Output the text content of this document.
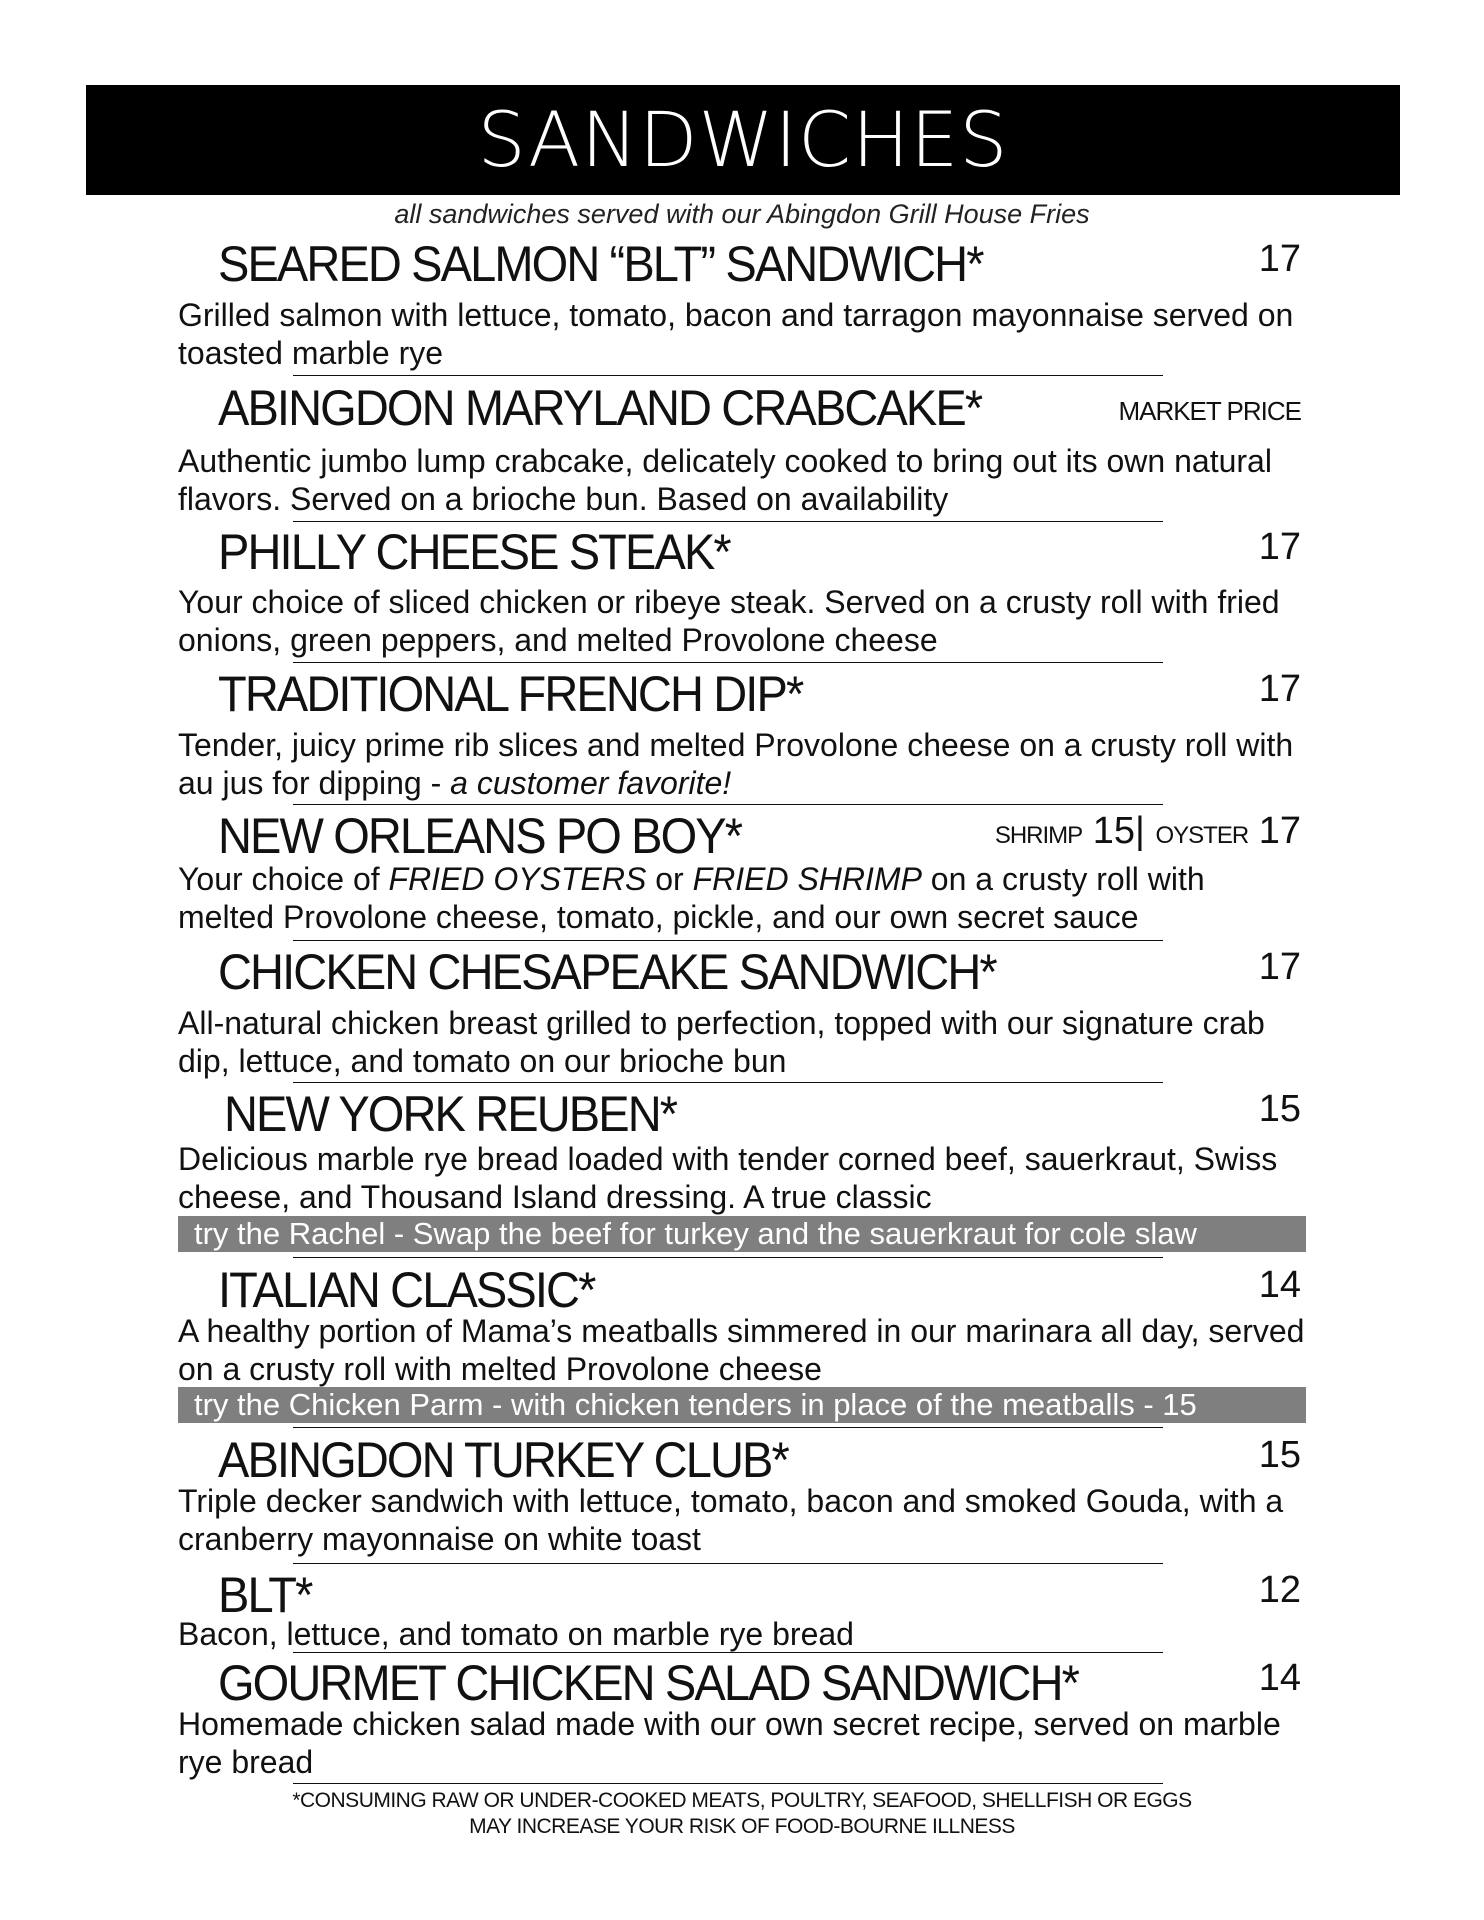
SANDWICHES
all sandwiches served with our Abingdon Grill House Fries
SEARED SALMON “BLT” SANDWICH*	17
Grilled salmon with lettuce, tomato, bacon and tarragon mayonnaise served on toasted marble rye
ABINGDON MARYLAND CRABCAKE*	MARKET PRICE
Authentic jumbo lump crabcake, delicately cooked to bring out its own natural flavors. Served on a brioche bun. Based on availability
PHILLY CHEESE STEAK*	17
Your choice of sliced chicken or ribeye steak. Served on a crusty roll with fried onions, green peppers, and melted Provolone cheese
TRADITIONAL FRENCH DIP*	17
Tender, juicy prime rib slices and melted Provolone cheese on a crusty roll with au jus for dipping - a customer favorite!
NEW ORLEANS PO BOY*	SHRIMP 15| OYSTER 17
Your choice of FRIED OYSTERS or FRIED SHRIMP on a crusty roll with melted Provolone cheese, tomato, pickle, and our own secret sauce
CHICKEN CHESAPEAKE SANDWICH*	17
All-natural chicken breast grilled to perfection, topped with our signature crab dip, lettuce, and tomato on our brioche bun
NEW YORK REUBEN*	15
Delicious marble rye bread loaded with tender corned beef, sauerkraut, Swiss cheese, and Thousand Island dressing. A true classic
try the Rachel - Swap the beef for turkey and the sauerkraut for cole slaw
ITALIAN CLASSIC*	14
A healthy portion of Mama’s meatballs simmered in our marinara all day, served on a crusty roll with melted Provolone cheese
try the Chicken Parm - with chicken tenders in place of the meatballs - 15
ABINGDON TURKEY CLUB*	15
Triple decker sandwich with lettuce, tomato, bacon and smoked Gouda, with a cranberry mayonnaise on white toast
BLT*	12
Bacon, lettuce, and tomato on marble rye bread
GOURMET CHICKEN SALAD SANDWICH*	14
Homemade chicken salad made with our own secret recipe, served on marble rye bread
*CONSUMING RAW OR UNDER-COOKED MEATS, POULTRY, SEAFOOD, SHELLFISH OR EGGS
MAY INCREASE YOUR RISK OF FOOD-BOURNE ILLNESS
